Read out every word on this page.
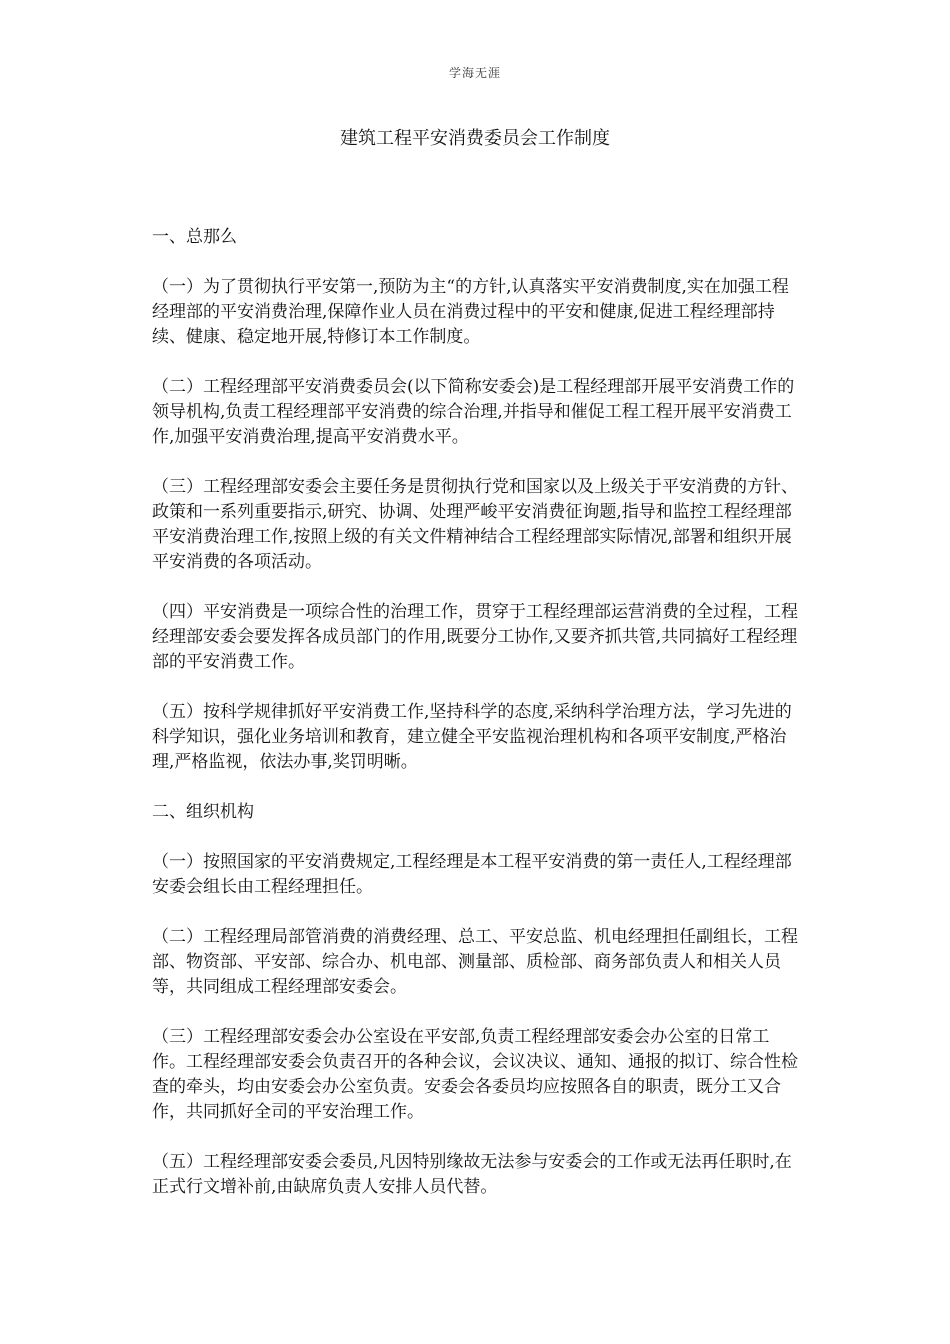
学海无涯
建筑工程平安消费委员会工作制度
一、总那么
（一）为了贯彻执行平安第一,预防为主“的方针,认真落实平安消费制度,实在加强工程经理部的平安消费治理,保障作业人员在消费过程中的平安和健康,促进工程经理部持续、健康、稳定地开展,特修订本工作制度。
（二）工程经理部平安消费委员会(以下简称安委会)是工程经理部开展平安消费工作的领导机构,负责工程经理部平安消费的综合治理,并指导和催促工程工程开展平安消费工作,加强平安消费治理,提高平安消费水平。
（三）工程经理部安委会主要任务是贯彻执行党和国家以及上级关于平安消费的方针、政策和一系列重要指示,研究、协调、处理严峻平安消费征询题,指导和监控工程经理部平安消费治理工作,按照上级的有关文件精神结合工程经理部实际情况,部署和组织开展平安消费的各项活动。
（四）平安消费是一项综合性的治理工作，贯穿于工程经理部运营消费的全过程，工程经理部安委会要发挥各成员部门的作用,既要分工协作,又要齐抓共管,共同搞好工程经理部的平安消费工作。
（五）按科学规律抓好平安消费工作,坚持科学的态度,采纳科学治理方法，学习先进的科学知识，强化业务培训和教育，建立健全平安监视治理机构和各项平安制度,严格治理,严格监视，依法办事,奖罚明晰。
二、组织机构
（一）按照国家的平安消费规定,工程经理是本工程平安消费的第一责任人,工程经理部安委会组长由工程经理担任。
（二）工程经理局部管消费的消费经理、总工、平安总监、机电经理担任副组长，工程部、物资部、平安部、综合办、机电部、测量部、质检部、商务部负责人和相关人员等，共同组成工程经理部安委会。
（三）工程经理部安委会办公室设在平安部,负责工程经理部安委会办公室的日常工作。工程经理部安委会负责召开的各种会议，会议决议、通知、通报的拟订、综合性检查的牵头，均由安委会办公室负责。安委会各委员均应按照各自的职责，既分工又合作，共同抓好全司的平安治理工作。
（五）工程经理部安委会委员,凡因特别缘故无法参与安委会的工作或无法再任职时,在正式行文增补前,由缺席负责人安排人员代替。
